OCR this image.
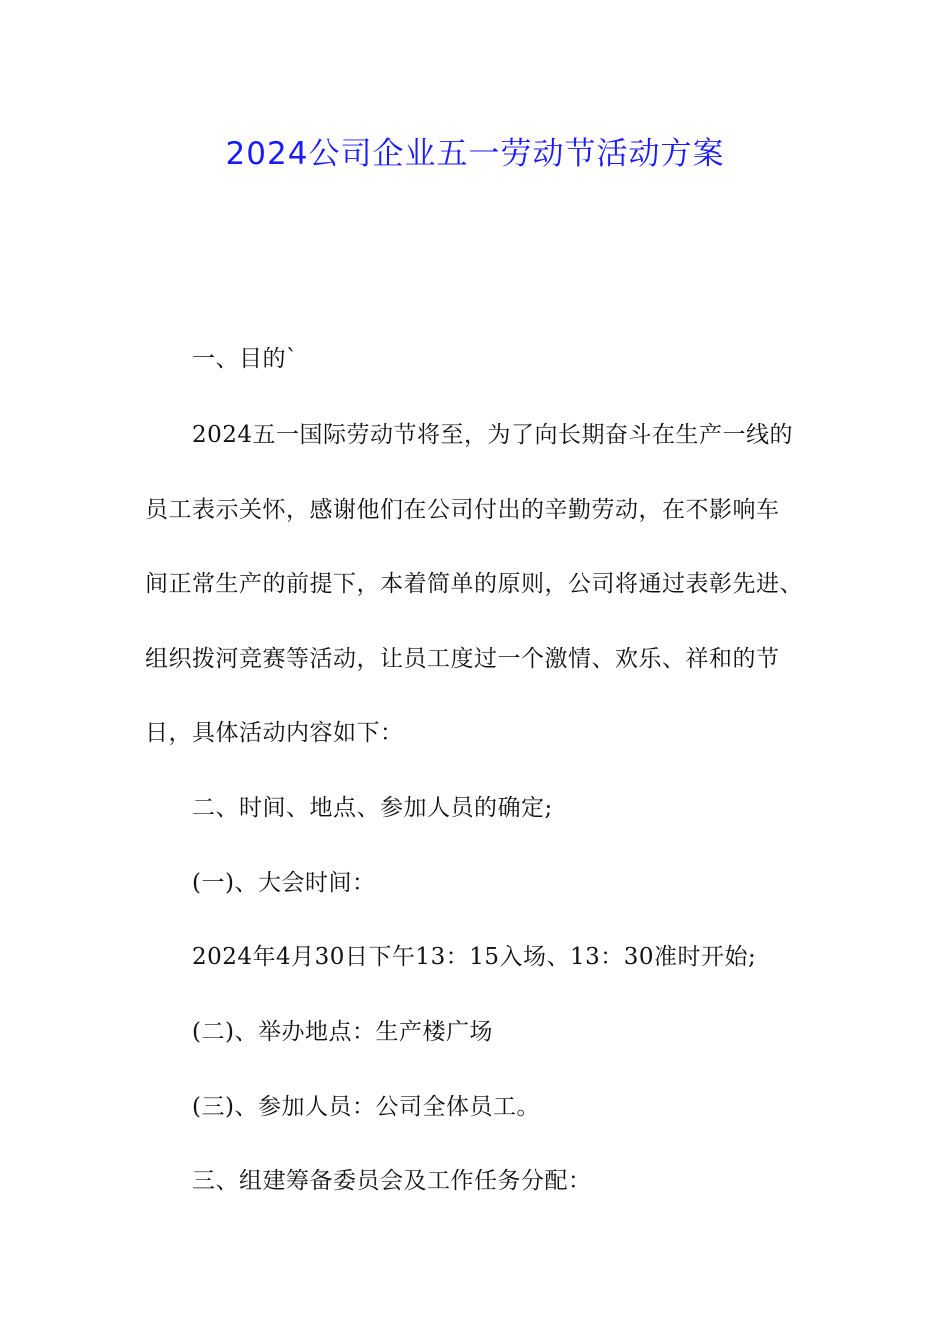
2024公司企业五一劳动节活动方案
一、目的`
2024五一国际劳动节将至，为了向长期奋斗在生产一线的
员工表示关怀，感谢他们在公司付出的辛勤劳动，在不影响车
间正常生产的前提下，本着简单的原则，公司将通过表彰先进、
组织拨河竞赛等活动，让员工度过一个激情、欢乐、祥和的节
日，具体活动内容如下：
二、时间、地点、参加人员的确定;
(一)、大会时间：
2024年4月30日下午13：15入场、13：30准时开始;
(二)、举办地点：生产楼广场
(三)、参加人员：公司全体员工。
三、组建筹备委员会及工作任务分配：
